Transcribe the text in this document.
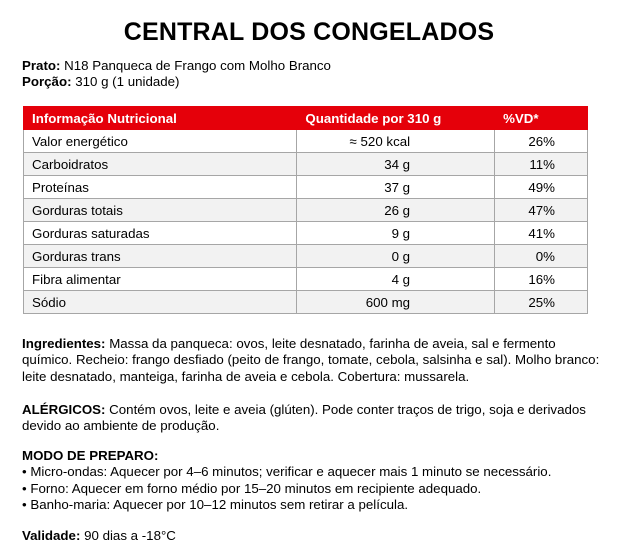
CENTRAL DOS CONGELADOS
Prato: N18 Panqueca de Frango com Molho Branco
Porção: 310 g (1 unidade)
Informação Nutricional	Quantidade por 310 g	%VD*
Valor energético	≈ 520 kcal	26%
Carboidratos	34 g	11%
Proteínas	37 g	49%
Gorduras totais	26 g	47%
Gorduras saturadas	9 g	41%
Gorduras trans	0 g	0%
Fibra alimentar	4 g	16%
Sódio	600 mg	25%
Ingredientes: Massa da panqueca: ovos, leite desnatado, farinha de aveia, sal e fermento
químico. Recheio: frango desfiado (peito de frango, tomate, cebola, salsinha e sal). Molho branco:
leite desnatado, manteiga, farinha de aveia e cebola. Cobertura: mussarela.
ALÉRGICOS: Contém ovos, leite e aveia (glúten). Pode conter traços de trigo, soja e derivados
devido ao ambiente de produção.
MODO DE PREPARO:
• Micro-ondas: Aquecer por 4–6 minutos; verificar e aquecer mais 1 minuto se necessário.
• Forno: Aquecer em forno médio por 15–20 minutos em recipiente adequado.
• Banho-maria: Aquecer por 10–12 minutos sem retirar a película.
Validade: 90 dias a -18°C
